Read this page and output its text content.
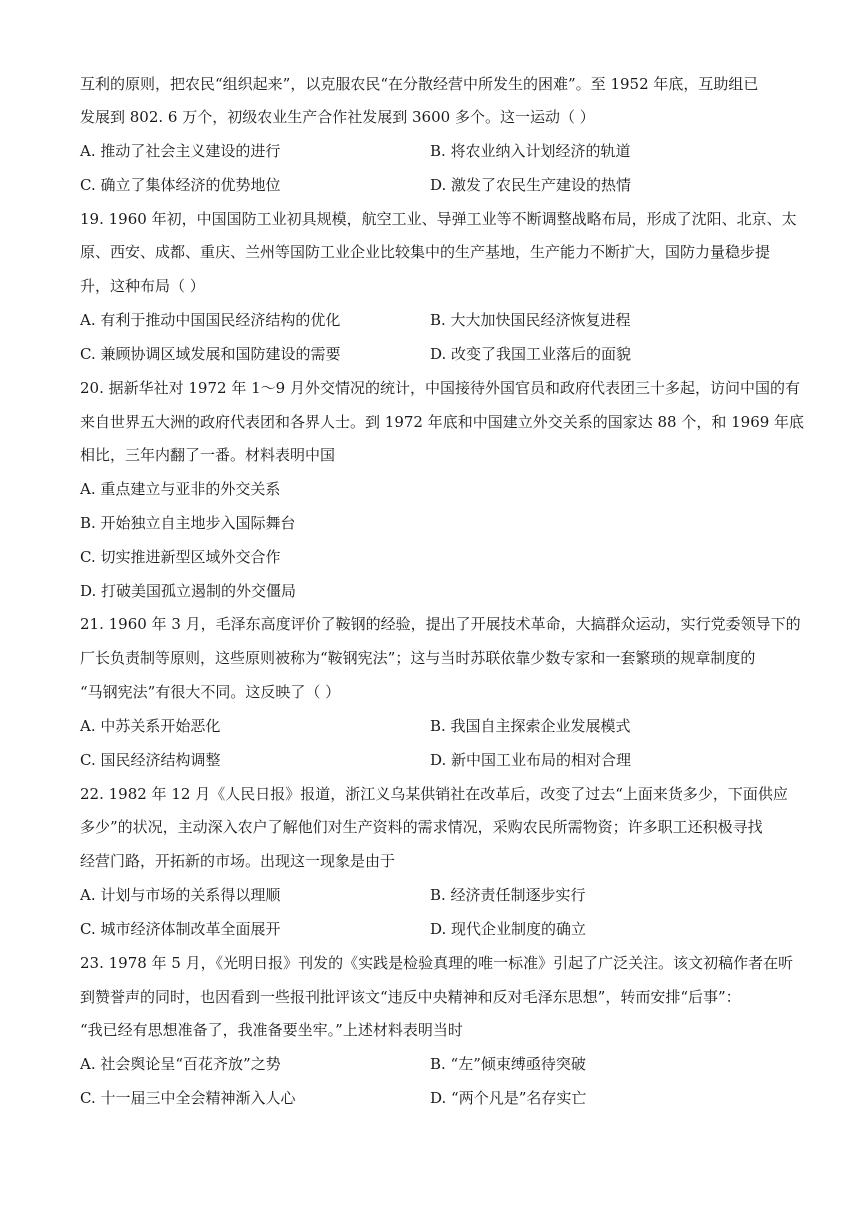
互利的原则，把农民“组织起来”，以克服农民“在分散经营中所发生的困难”。至 1952 年底，互助组已
发展到 802. 6 万个，初级农业生产合作社发展到 3600 多个。这一运动（ ）
A. 推动了社会主义建设的进行	B. 将农业纳入计划经济的轨道
C. 确立了集体经济的优势地位	D. 激发了农民生产建设的热情
19. 1960 年初，中国国防工业初具规模，航空工业、导弹工业等不断调整战略布局，形成了沈阳、北京、太
原、西安、成都、重庆、兰州等国防工业企业比较集中的生产基地，生产能力不断扩大，国防力量稳步提
升，这种布局（ ）
A. 有利于推动中国国民经济结构的优化	B. 大大加快国民经济恢复进程
C. 兼顾协调区域发展和国防建设的需要	D. 改变了我国工业落后的面貌
20. 据新华社对 1972 年 1～9 月外交情况的统计，中国接待外国官员和政府代表团三十多起，访问中国的有
来自世界五大洲的政府代表团和各界人士。到 1972 年底和中国建立外交关系的国家达 88 个，和 1969 年底
相比，三年内翻了一番。材料表明中国
A. 重点建立与亚非的外交关系
B. 开始独立自主地步入国际舞台
C. 切实推进新型区域外交合作
D. 打破美国孤立遏制的外交僵局
21. 1960 年 3 月，毛泽东高度评价了鞍钢的经验，提出了开展技术革命，大搞群众运动，实行党委领导下的
厂长负责制等原则，这些原则被称为“鞍钢宪法”；这与当时苏联依靠少数专家和一套繁琐的规章制度的
“马钢宪法”有很大不同。这反映了（ ）
A. 中苏关系开始恶化	B. 我国自主探索企业发展模式
C. 国民经济结构调整	D. 新中国工业布局的相对合理
22. 1982 年 12 月《人民日报》报道，浙江义乌某供销社在改革后，改变了过去“上面来货多少，下面供应
多少”的状况，主动深入农户了解他们对生产资料的需求情况，采购农民所需物资；许多职工还积极寻找
经营门路，开拓新的市场。出现这一现象是由于
A. 计划与市场的关系得以理顺	B. 经济责任制逐步实行
C. 城市经济体制改革全面展开	D. 现代企业制度的确立
23. 1978 年 5 月，《光明日报》刊发的《实践是检验真理的唯一标准》引起了广泛关注。该文初稿作者在听
到赞誉声的同时，也因看到一些报刊批评该文“违反中央精神和反对毛泽东思想”，转而安排“后事”：
“我已经有思想准备了，我准备要坐牢。”上述材料表明当时
A. 社会舆论呈“百花齐放”之势	B. “左”倾束缚亟待突破
C. 十一届三中全会精神渐入人心	D. “两个凡是”名存实亡
